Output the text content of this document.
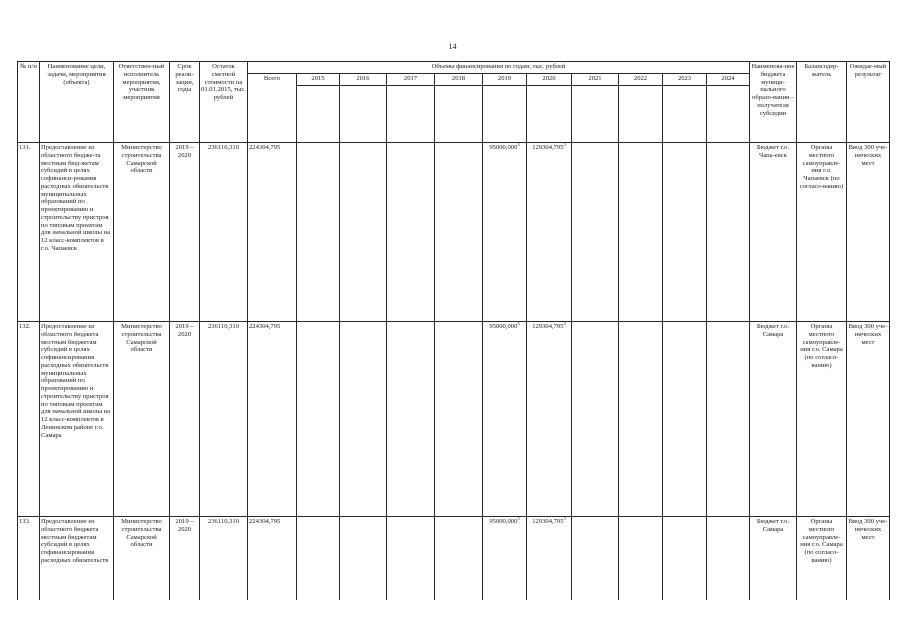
14
№ п/п	Наименование цели, задачи, мероприятия (объекта)	Ответствен-ный исполнитель мероприятия, участник мероприятия	Срок реали-зации, годы	Остаток сметной стоимости на 01.01.2015, тыс. рублей	Объемы финансирования по годам, тыс. рублей											Наименова-ние бюджета муници-пального образо-вания – получателя субсидии	Балансодер-жатель	Ожидае-мый результат
					Всего	2015	2016	2017	2018	2019	2020	2021	2022	2023	2024			

131.	Предоставление из областного бюдже-та местным бюд-жетам субсидий в целях софинанси-рования расходных обязательств муниципальных образований по проектированию и строительству пристроя по типовым проектам для начальной школы на 12 класс-комплектов в г.о. Чапаевск	Министерство строительства Самарской области	2019 – 2020	236110,310	224304,795					95000,000$^3$	129304,795$^3$					Бюджет г.о. Чапа-евск	Органы местного самоуправле-ния г.о. Чапаевск (по согласо-ванию)	Ввод 300 уче-нических мест
132.	Предоставление из областного бюджета местным бюджетам субсидий в целях софинансирования расходных обязательств муниципальных образований по проектированию и строительству пристроя по типовым проектам для начальной школы на 12 класс-комплектов в Ленинском районе г.о. Самара	Министерство строительства Самарской области	2019 – 2020	236110,310	224304,795					95000,000$^3$	129304,795$^3$					Бюджет г.о. Самара	Органы местного самоуправле-ния г.о. Самара (по согласо-ванию)	Ввод 300 уче-нических мест
133.	Предоставление из областного бюджета местным бюджетам субсидий в целях софинансирования расходных обязательств	Министерство строительства Самарской области	2019 – 2020	236110,310	224304,795					95000,000$^3$	129304,795$^3$					Бюджет г.о. Самара	Органы местного самоуправле-ния г.о. Самара (по согласо-ванию)	Ввод 300 уче-нических мест
